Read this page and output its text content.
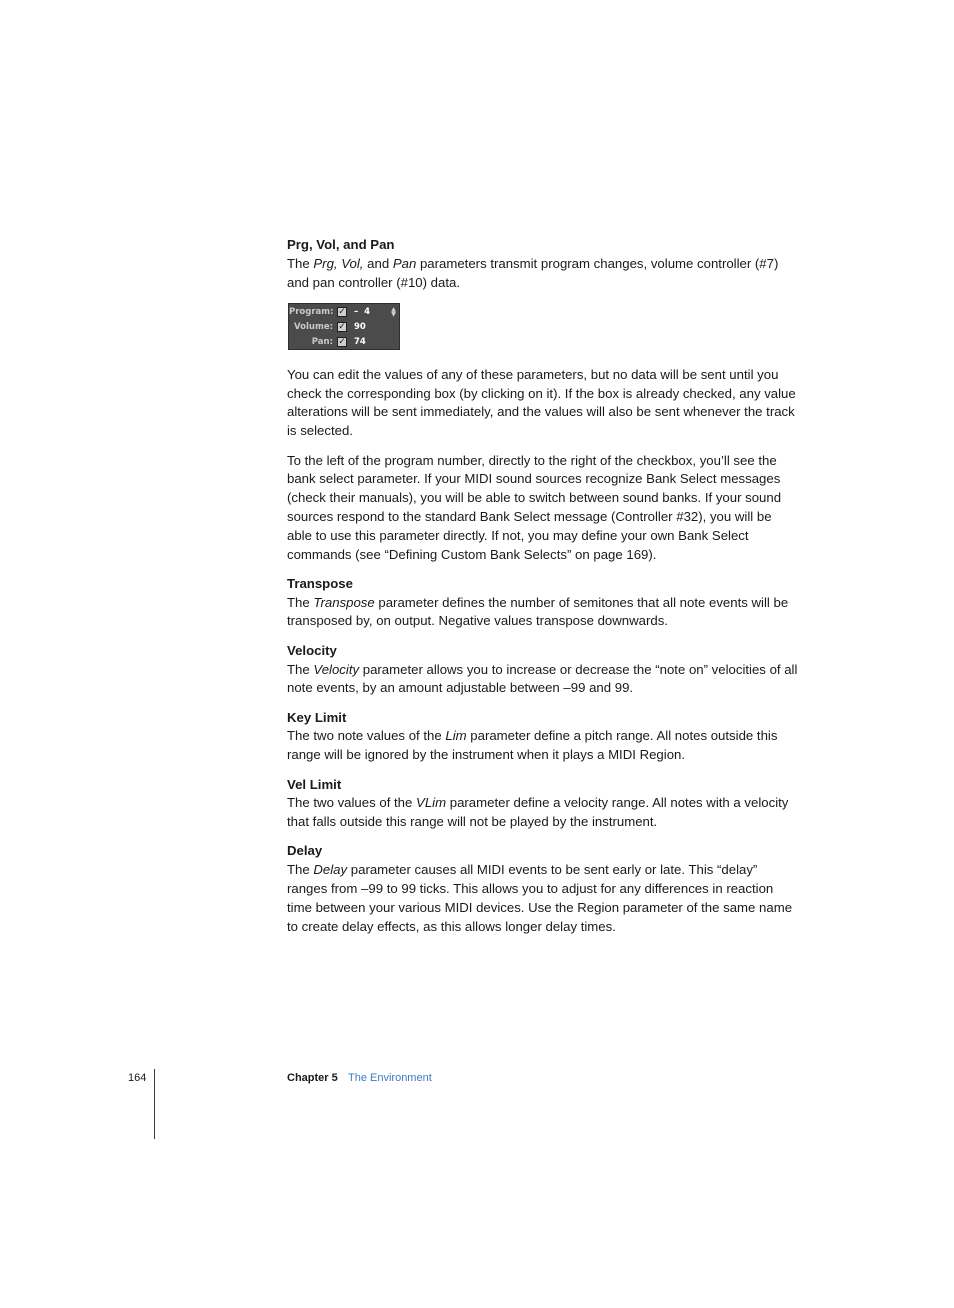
Prg, Vol, and Pan

The Prg, Vol, and Pan parameters transmit program changes, volume controller (#7) and pan controller (#10) data.

Program: ✓ –  4	▲
▼
Volume: ✓ 90
Pan: ✓ 74

You can edit the values of any of these parameters, but no data will be sent until you check the corresponding box (by clicking on it). If the box is already checked, any value alterations will be sent immediately, and the values will also be sent whenever the track is selected.

To the left of the program number, directly to the right of the checkbox, you’ll see the bank select parameter. If your MIDI sound sources recognize Bank Select messages (check their manuals), you will be able to switch between sound banks. If your sound sources respond to the standard Bank Select message (Controller #32), you will be able to use this parameter directly. If not, you may define your own Bank Select commands (see “Defining Custom Bank Selects” on page 169).

Transpose

The Transpose parameter defines the number of semitones that all note events will be transposed by, on output. Negative values transpose downwards.

Velocity

The Velocity parameter allows you to increase or decrease the “note on” velocities of all note events, by an amount adjustable between –99 and 99.

Key Limit

The two note values of the Lim parameter define a pitch range. All notes outside this range will be ignored by the instrument when it plays a MIDI Region.

Vel Limit

The two values of the VLim parameter define a velocity range. All notes with a velocity that falls outside this range will not be played by the instrument.

Delay

The Delay parameter causes all MIDI events to be sent early or late. This “delay” ranges from –99 to 99 ticks. This allows you to adjust for any differences in reaction time between your various MIDI devices. Use the Region parameter of the same name to create delay effects, as this allows longer delay times.

164	Chapter 5 The Environment
